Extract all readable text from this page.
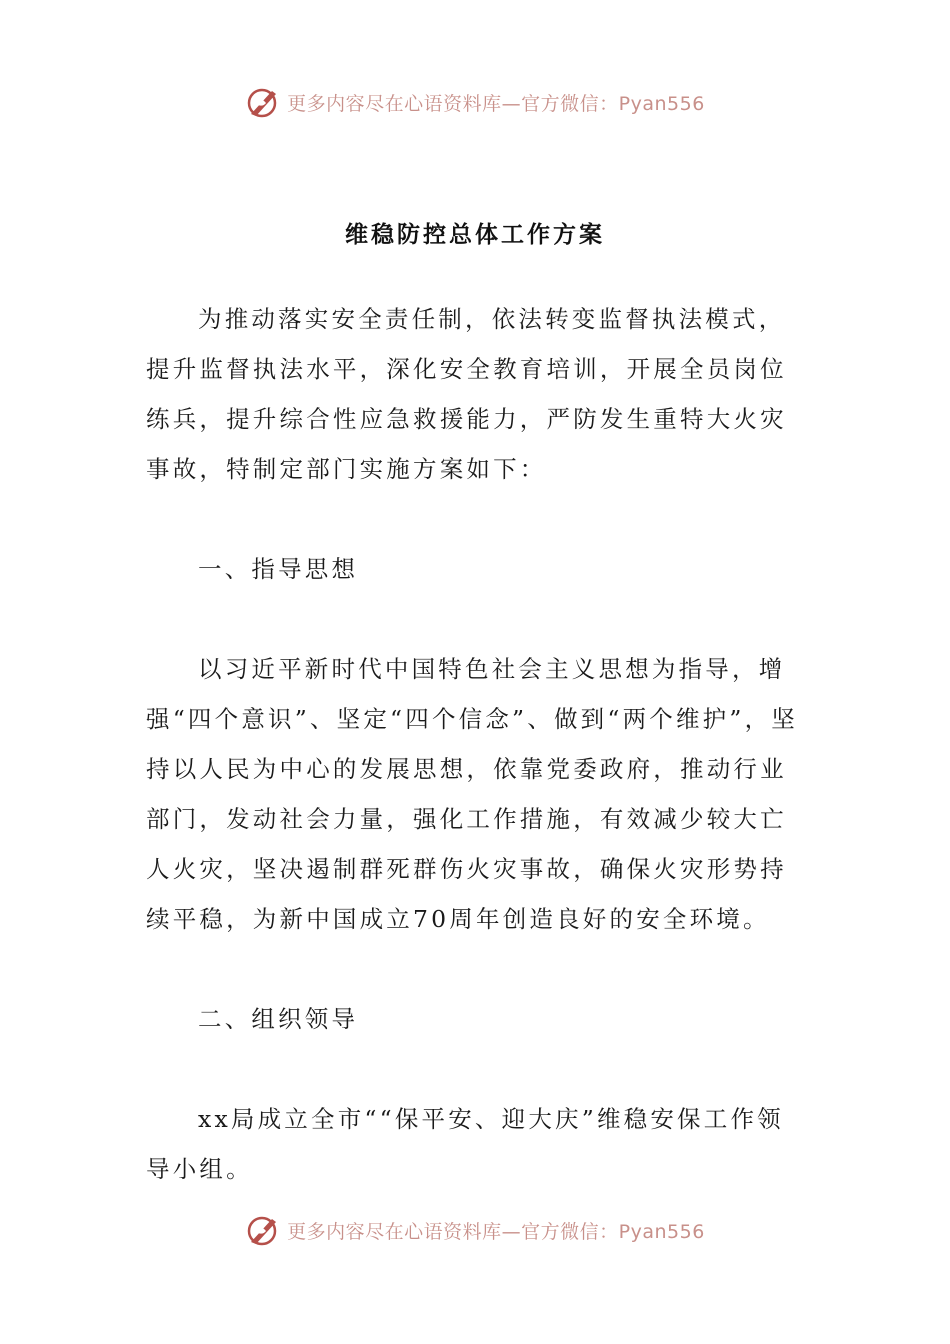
更多内容尽在心语资料库—官方微信：Pyan556
维稳防控总体工作方案

为推动落实安全责任制，依法转变监督执法模式，提升监督执法水平，深化安全教育培训，开展全员岗位练兵，提升综合性应急救援能力，严防发生重特大火灾事故，特制定部门实施方案如下：

一、指导思想

以习近平新时代中国特色社会主义思想为指导，增强“四个意识”、坚定“四个信念”、做到“两个维护”，坚持以人民为中心的发展思想，依靠党委政府，推动行业部门，发动社会力量，强化工作措施，有效减少较大亡人火灾，坚决遏制群死群伤火灾事故，确保火灾形势持续平稳，为新中国成立70周年创造良好的安全环境。

二、组织领导

xx局成立全市““保平安、迎大庆”维稳安保工作领导小组。

更多内容尽在心语资料库—官方微信：Pyan556
